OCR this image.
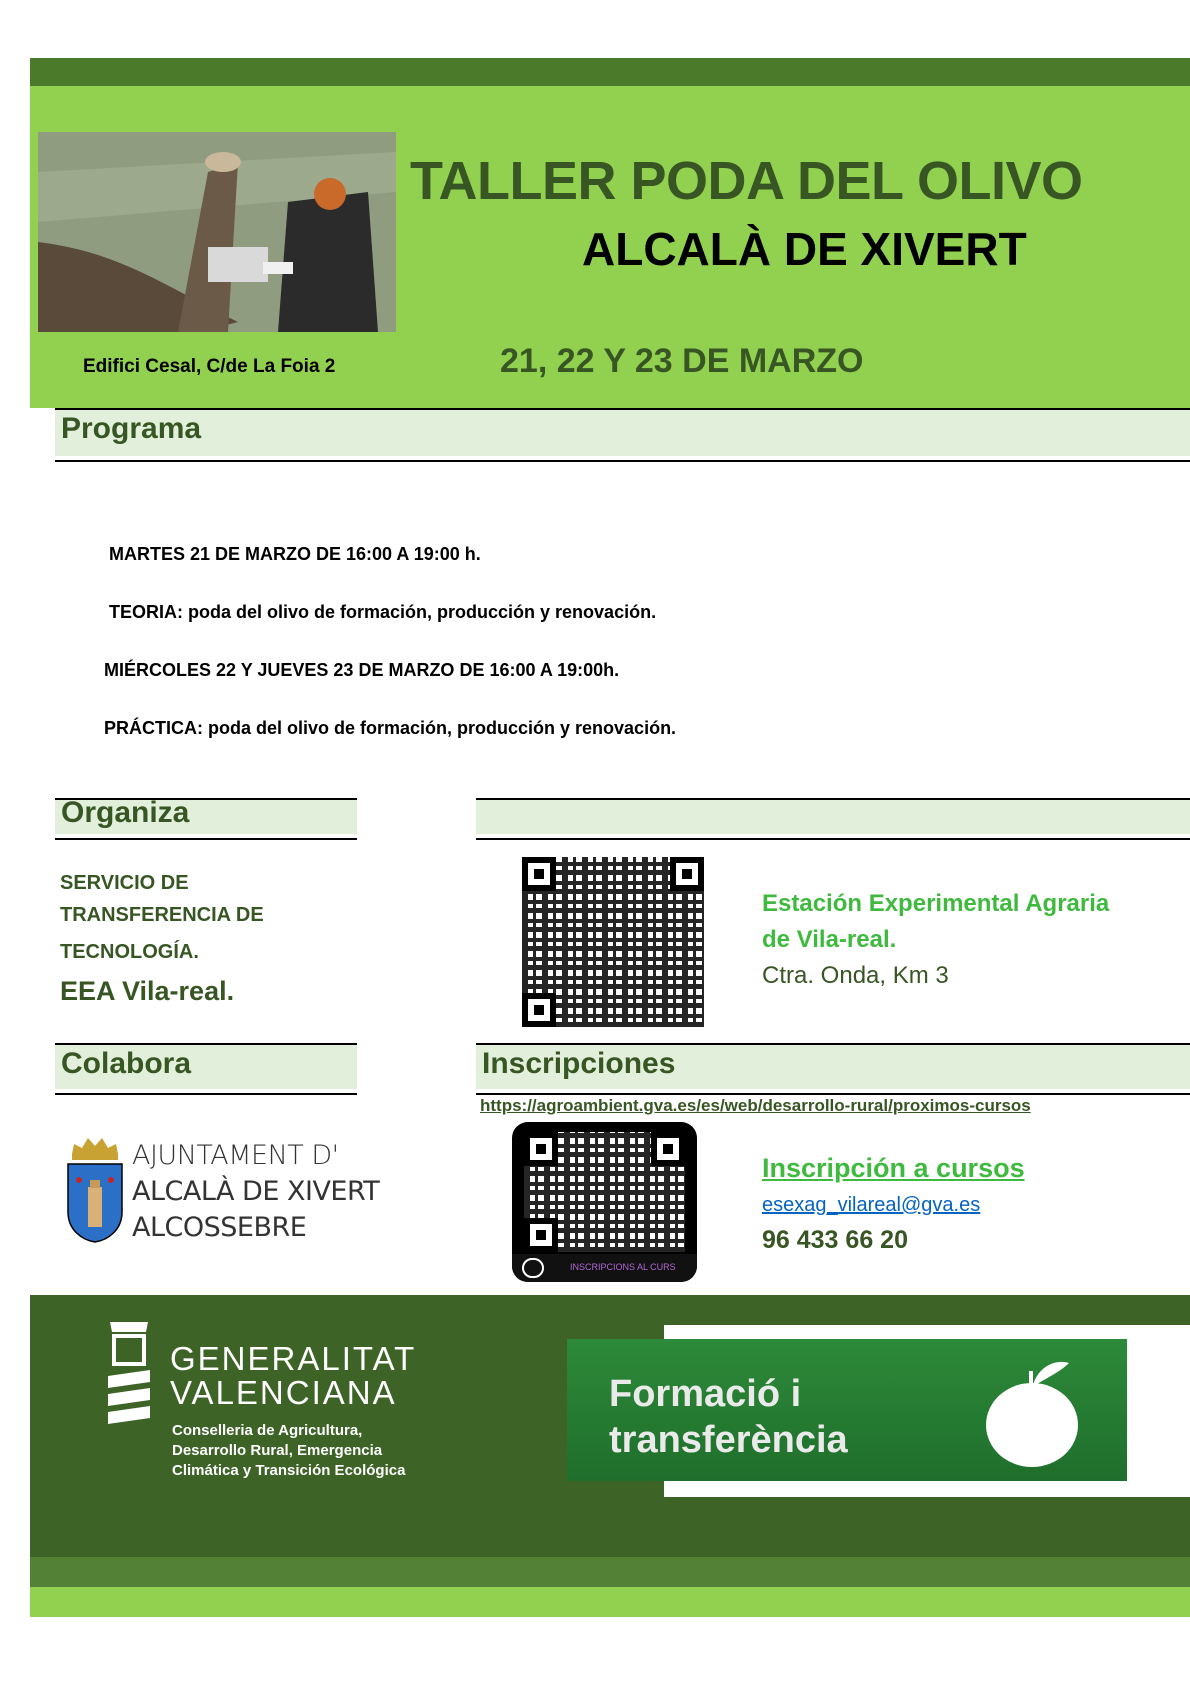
TALLER PODA DEL OLIVO
ALCALÀ DE XIVERT
Edifici Cesal, C/de La Foia 2	21, 22 Y 23 DE MARZO
Programa
MARTES 21 DE MARZO DE 16:00 A 19:00 h.
TEORIA: poda del olivo de formación, producción y renovación.
MIÉRCOLES 22 Y JUEVES 23 DE MARZO DE 16:00 A 19:00h.
PRÁCTICA: poda del olivo de formación, producción y renovación.
Organiza
SERVICIO DE
TRANSFERENCIA DE
TECNOLOGÍA.
EEA Vila-real.
Estación Experimental Agraria
de Vila-real.
Ctra. Onda, Km 3
Colabora	Inscripciones
https://agroambient.gva.es/es/web/desarrollo-rural/proximos-cursos
AJUNTAMENT D'
ALCALÀ DE XIVERT
ALCOSSEBRE
INSCRIPCIONS AL CURS
Inscripción a cursos
esexag_vilareal@gva.es
96 433 66 20
GENERALITAT
VALENCIANA
Conselleria de Agricultura,
Desarrollo Rural, Emergencia
Climática y Transición Ecológica
Formació i
transferència
